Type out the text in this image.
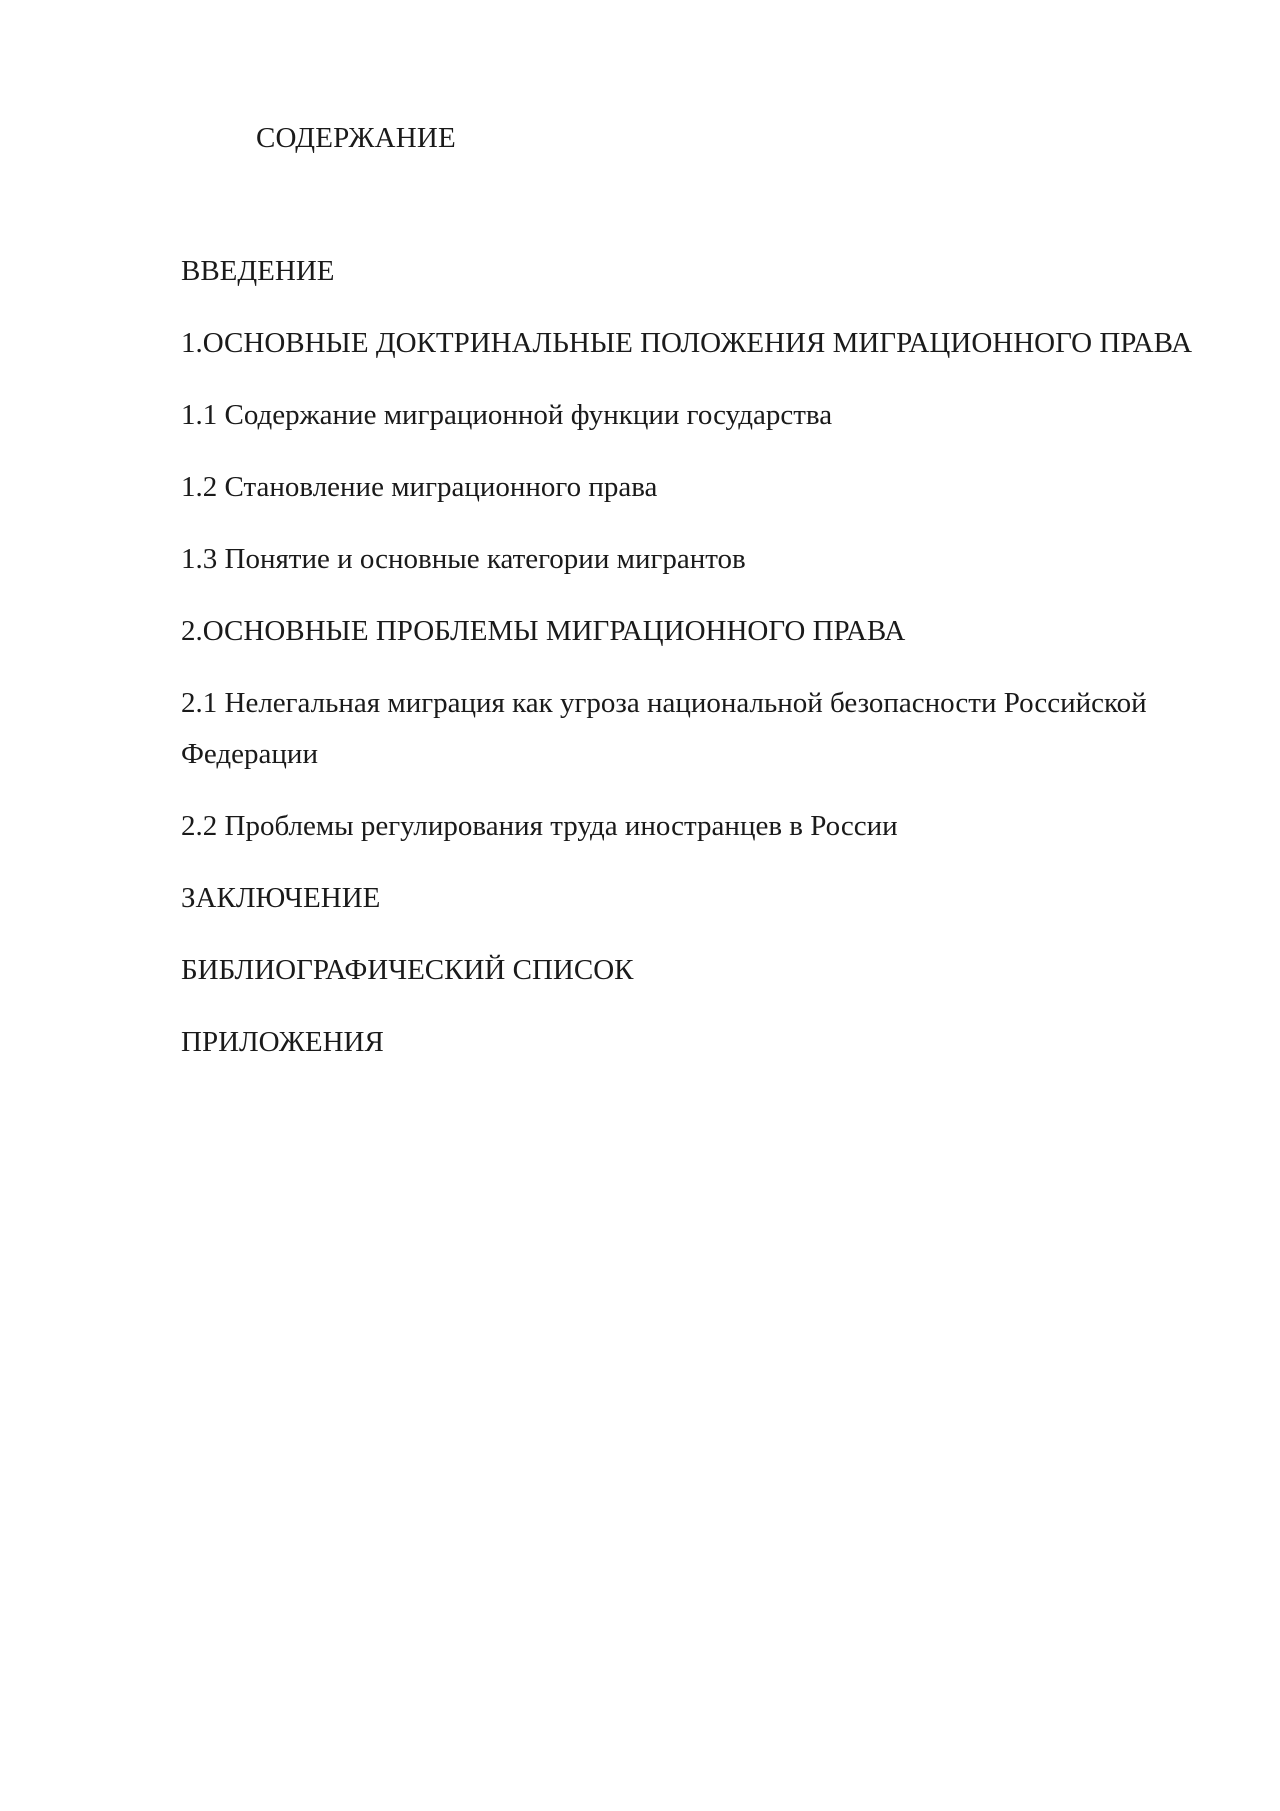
СОДЕРЖАНИЕ
ВВЕДЕНИЕ
1.ОСНОВНЫЕ ДОКТРИНАЛЬНЫЕ ПОЛОЖЕНИЯ МИГРАЦИОННОГО ПРАВА
1.1 Содержание миграционной функции государства
1.2 Становление миграционного права
1.3 Понятие и основные категории мигрантов
2.ОСНОВНЫЕ ПРОБЛЕМЫ МИГРАЦИОННОГО ПРАВА
2.1 Нелегальная миграция как угроза национальной безопасности Российской Федерации
2.2 Проблемы регулирования труда иностранцев в России
ЗАКЛЮЧЕНИЕ
БИБЛИОГРАФИЧЕСКИЙ СПИСОК
ПРИЛОЖЕНИЯ
